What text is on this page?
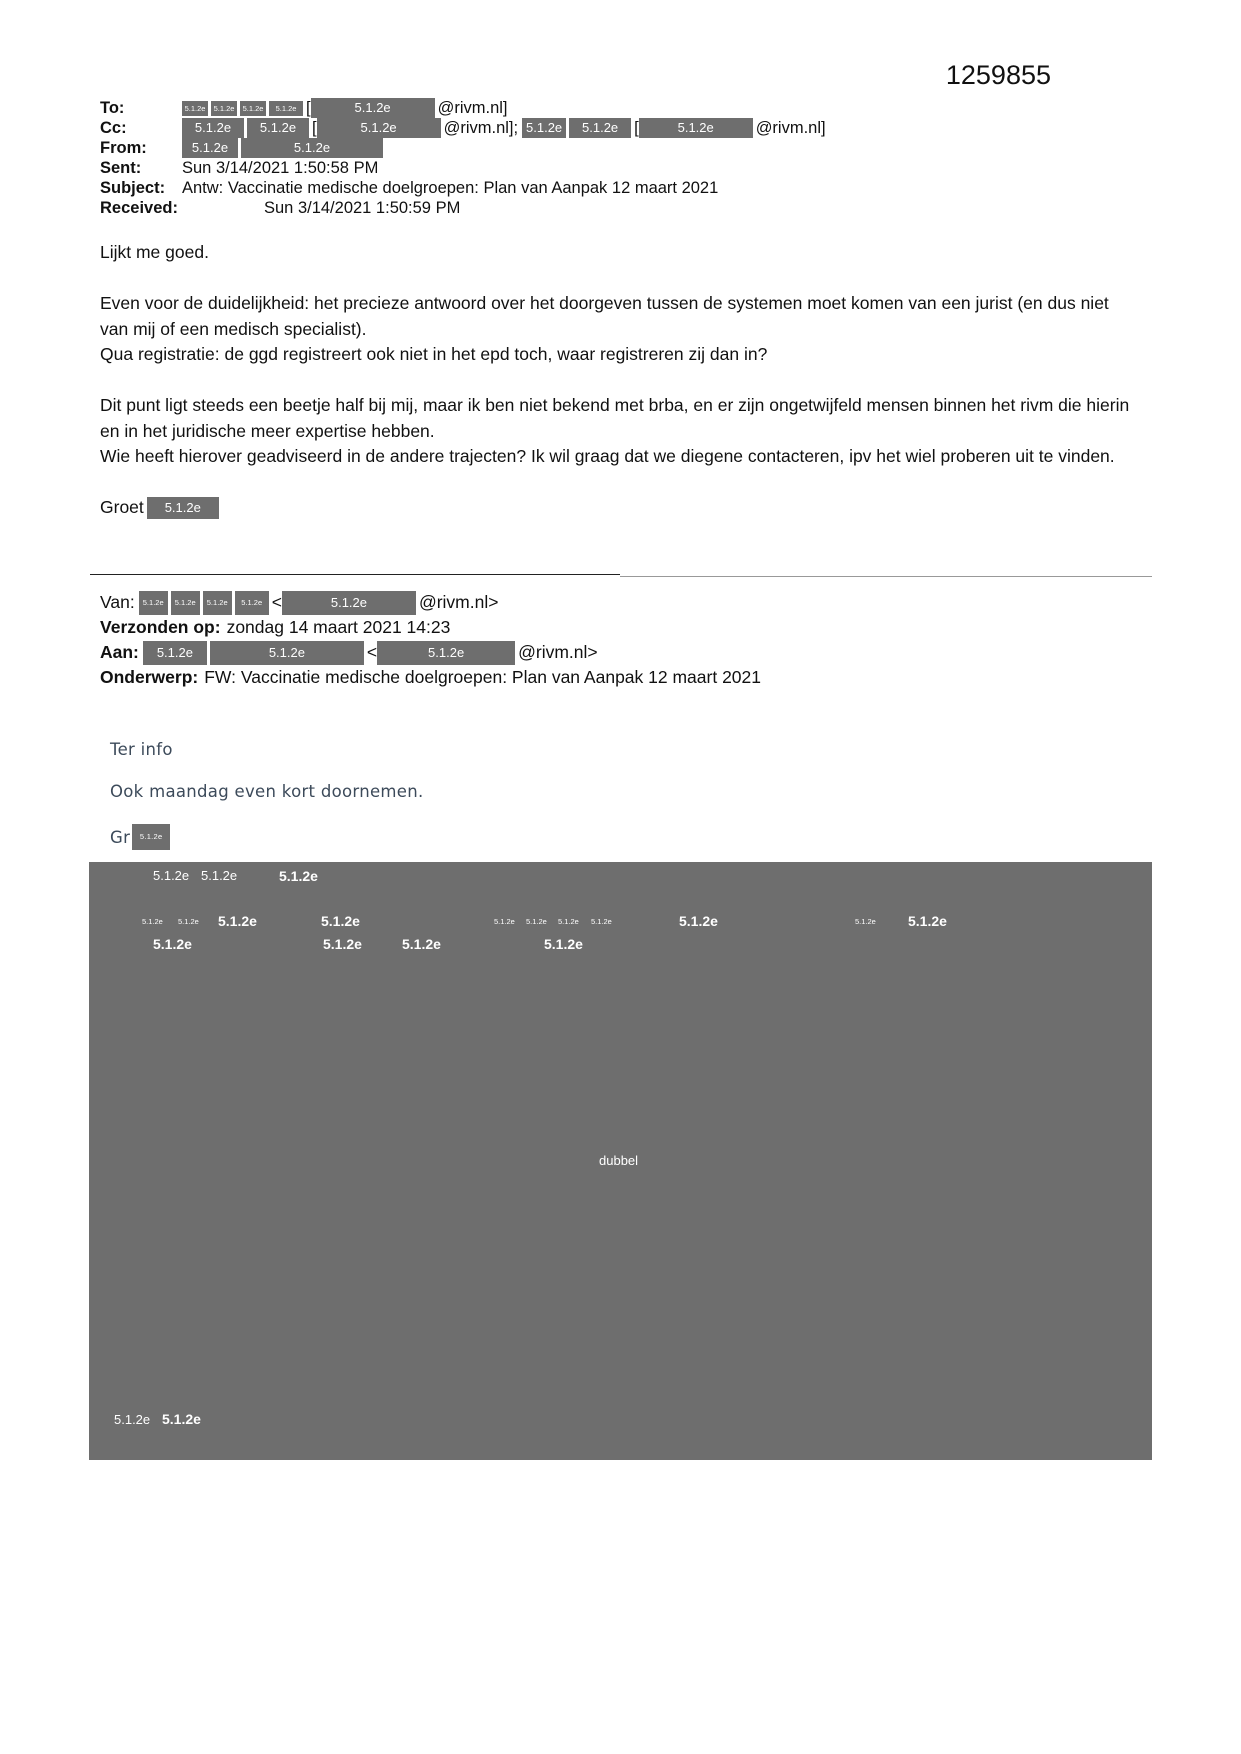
1259855
To:	5.1.2e	5.1.2e	5.1.2e	5.1.2e [	5.1.2e	@rivm.nl]
Cc:	5.1.2e	5.1.2e [	5.1.2e	@rivm.nl]; 5.1.2e	5.1.2e [	5.1.2e	@rivm.nl]
From:	5.1.2e	5.1.2e
Sent:	Sun 3/14/2021 1:50:58 PM
Subject:	Antw: Vaccinatie medische doelgroepen: Plan van Aanpak 12 maart 2021
Received:	Sun 3/14/2021 1:50:59 PM

Lijkt me goed.

Even voor de duidelijkheid: het precieze antwoord over het doorgeven tussen de systemen moet komen van een jurist (en dus niet van mij of een medisch specialist).

Qua registratie: de ggd registreert ook niet in het epd toch, waar registreren zij dan in?

Dit punt ligt steeds een beetje half bij mij, maar ik ben niet bekend met brba, en er zijn ongetwijfeld mensen binnen het rivm die hierin en in het juridische meer expertise hebben.

Wie heeft hierover geadviseerd in de andere trajecten? Ik wil graag dat we diegene contacteren, ipv het wiel proberen uit te vinden.

Groet	5.1.2e

Van:	5.1.2e	5.1.2e	5.1.2e	5.1.2e <	5.1.2e	@rivm.nl>
Verzonden op: zondag 14 maart 2021 14:23
Aan:	5.1.2e	5.1.2e	<	5.1.2e	@rivm.nl>
Onderwerp: FW: Vaccinatie medische doelgroepen: Plan van Aanpak 12 maart 2021

Ter info

Ook maandag even kort doornemen.

Gr	5.1.2e

5.1.2e 5.1.2e	5.1.2e
5.1.2e 5.1.2e 5.1.2e	5.1.2e	5.1.2e 5.1.2e 5.1.2e 5.1.2e	5.1.2e	5.1.2e 5.1.2e
5.1.2e	5.1.2e	5.1.2e	5.1.2e
dubbel
5.1.2e 5.1.2e
